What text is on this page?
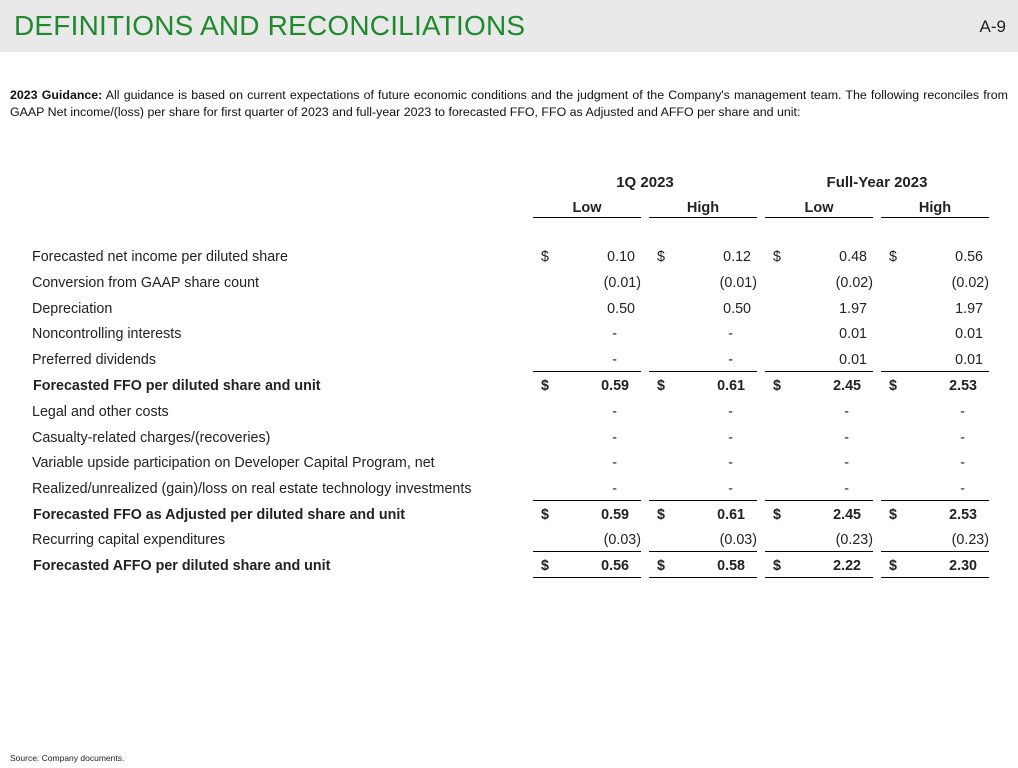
DEFINITIONS AND RECONCILIATIONS	A-9
2023 Guidance: All guidance is based on current expectations of future economic conditions and the judgment of the Company's management team. The following reconciles from GAAP Net income/(loss) per share for first quarter of 2023 and full-year 2023 to forecasted FFO, FFO as Adjusted and AFFO per share and unit:
1Q 2023	Full-Year 2023
Low	High	Low	High
Forecasted net income per diluted share	$	0.10 $	0.12 $	0.48 $	0.56
Conversion from GAAP share count	(0.01)	(0.01)	(0.02)	(0.02)
Depreciation	0.50	0.50	1.97	1.97
Noncontrolling interests	-	-	0.01	0.01
Preferred dividends	-	-	0.01	0.01
Forecasted FFO per diluted share and unit	$	0.59 $	0.61 $	2.45 $	2.53
Legal and other costs	-	-	-	-
Casualty-related charges/(recoveries)	-	-	-	-
Variable upside participation on Developer Capital Program, net	-	-	-	-
Realized/unrealized (gain)/loss on real estate technology investments	-	-	-	-
Forecasted FFO as Adjusted per diluted share and unit	$	0.59 $	0.61 $	2.45 $	2.53
Recurring capital expenditures	(0.03)	(0.03)	(0.23)	(0.23)
Forecasted AFFO per diluted share and unit	$	0.56 $	0.58 $	2.22 $	2.30
Source: Company documents.
